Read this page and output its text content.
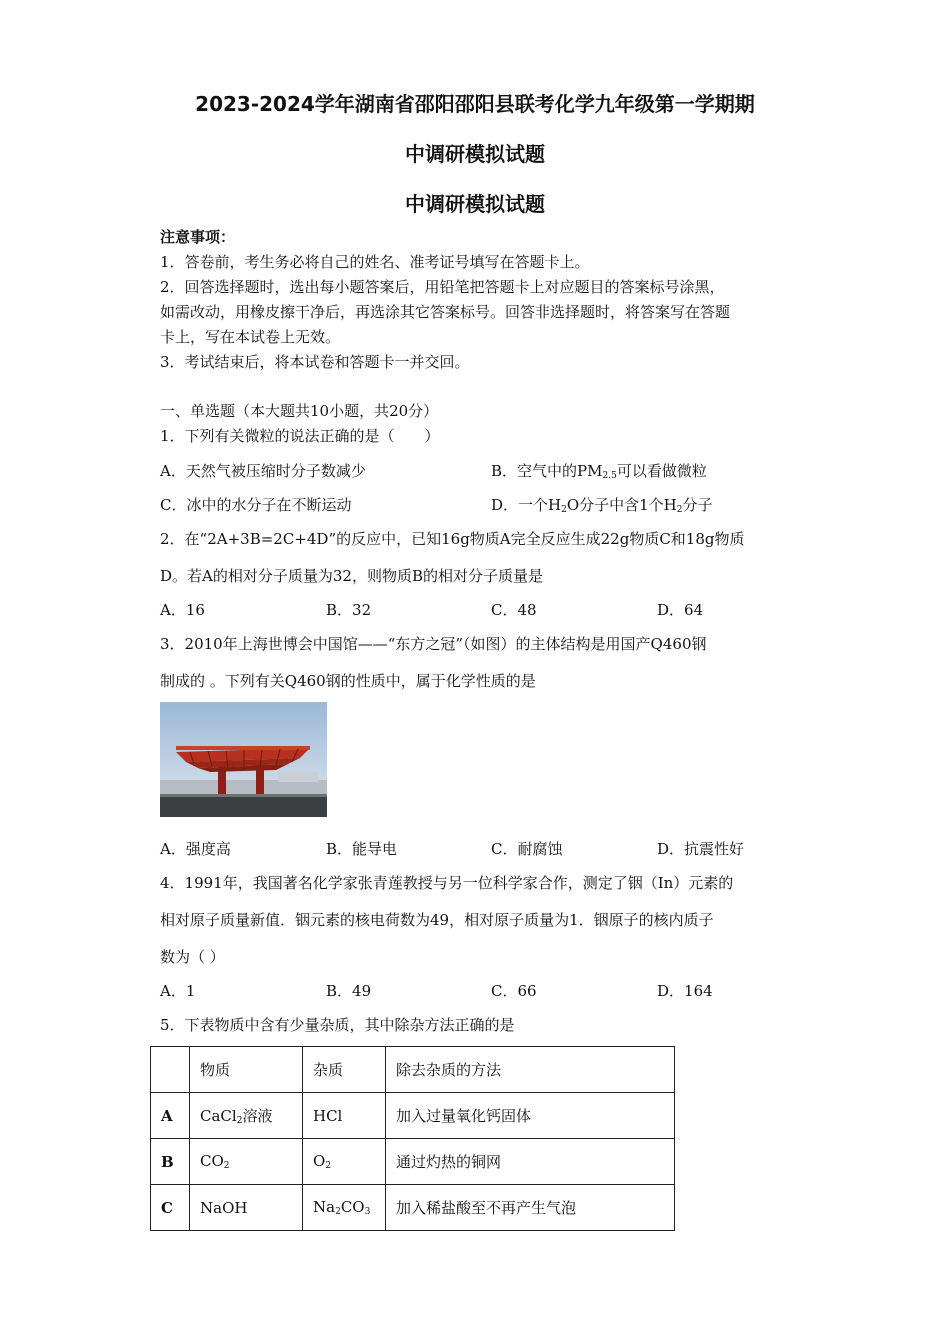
2023-2024学年湖南省邵阳邵阳县联考化学九年级第一学期期
中调研模拟试题
中调研模拟试题
注意事项：
1．答卷前，考生务必将自己的姓名、准考证号填写在答题卡上。
2．回答选择题时，选出每小题答案后，用铅笔把答题卡上对应题目的答案标号涂黑，
如需改动，用橡皮擦干净后，再选涂其它答案标号。回答非选择题时，将答案写在答题
卡上，写在本试卷上无效。
3．考试结束后，将本试卷和答题卡一并交回。
一、单选题（本大题共10小题，共20分）
1．下列有关微粒的说法正确的是（　　）
A．天然气被压缩时分子数减少	B．空气中的$PM_{2.5}$可以看做微粒
C．冰中的水分子在不断运动	D．一个$H_2O$分子中含1个$H_2$分子
2．在“2A+3B=2C+4D”的反应中，已知16g物质A完全反应生成22g物质C和18g物质
D。若A的相对分子质量为32，则物质B的相对分子质量是
A．16	B．32	C．48	D．64
3．2010年上海世博会中国馆——“东方之冠”（如图）的主体结构是用国产Q460钢
制成的 。下列有关Q460钢的性质中，属于化学性质的是
A．强度高	B．能导电	C．耐腐蚀	D．抗震性好
4．1991年，我国著名化学家张青莲教授与另一位科学家合作，测定了铟（In）元素的
相对原子质量新值．铟元素的核电荷数为49，相对原子质量为1．铟原子的核内质子
数为（ ）
A．1	B．49	C．66	D．164
5．下表物质中含有少量杂质，其中除杂方法正确的是
	物质	杂质	除去杂质的方法
A	CaCl$_2$溶液	HCl	加入过量氧化钙固体
B	$CO_2$	$O_2$	通过灼热的铜网
C	NaOH	$Na_2CO_3$	加入稀盐酸至不再产生气泡
